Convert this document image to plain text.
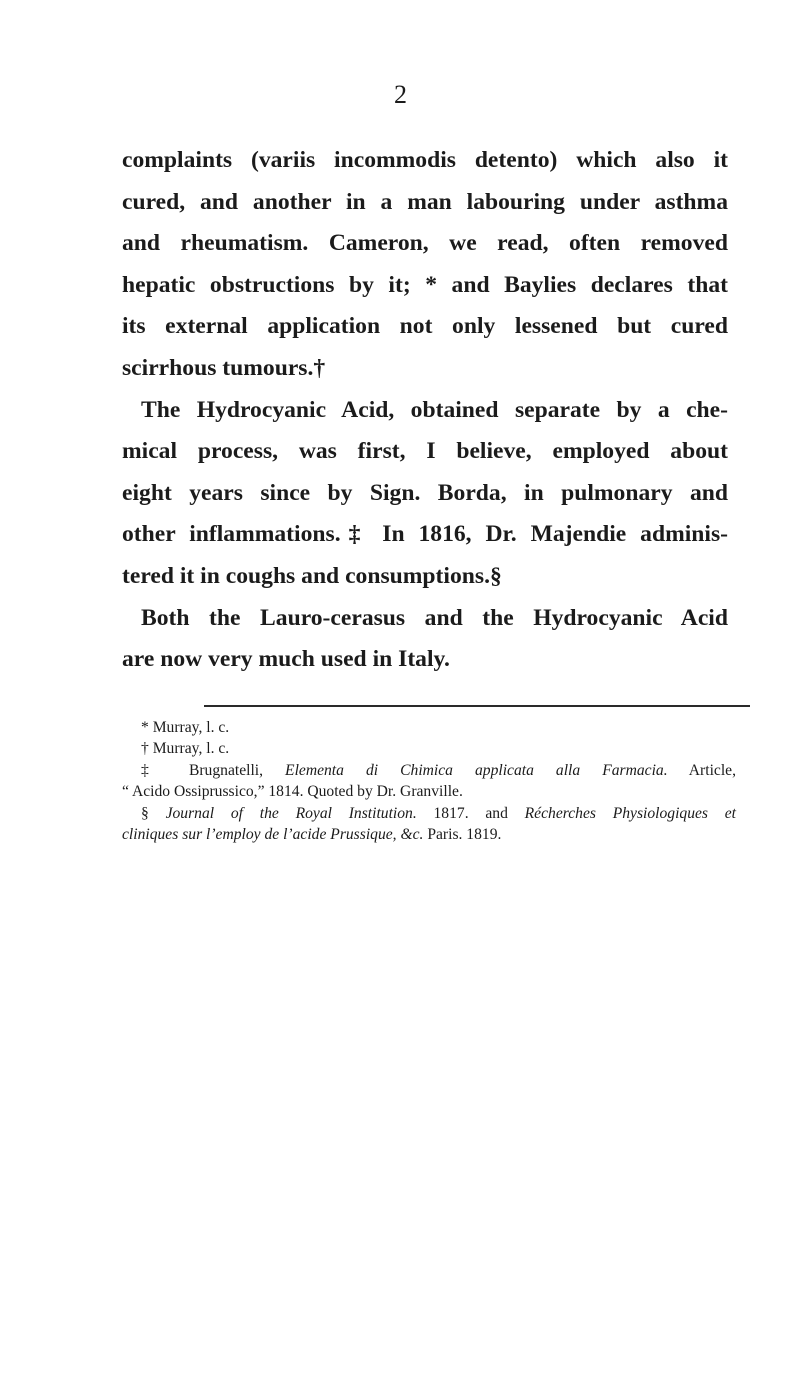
2
complaints (variis incommodis detento) which also it
cured, and another in a man labouring under asthma
and rheumatism. Cameron, we read, often removed
hepatic obstructions by it; * and Baylies declares that
its external application not only lessened but cured
scirrhous tumours.†
The Hydrocyanic Acid, obtained separate by a che-
mical process, was first, I believe, employed about
eight years since by Sign. Borda, in pulmonary and
other inflammations.‡ In 1816, Dr. Majendie adminis-
tered it in coughs and consumptions.§
Both the Lauro-cerasus and the Hydrocyanic Acid
are now very much used in Italy.
* Murray, l. c.
† Murray, l. c.
‡ Brugnatelli, Elementa di Chimica applicata alla Farmacia. Article,
“ Acido Ossiprussico,” 1814. Quoted by Dr. Granville.
§ Journal of the Royal Institution. 1817. and Récherches Physiologiques et
cliniques sur l’employ de l’acide Prussique, &c. Paris. 1819.
